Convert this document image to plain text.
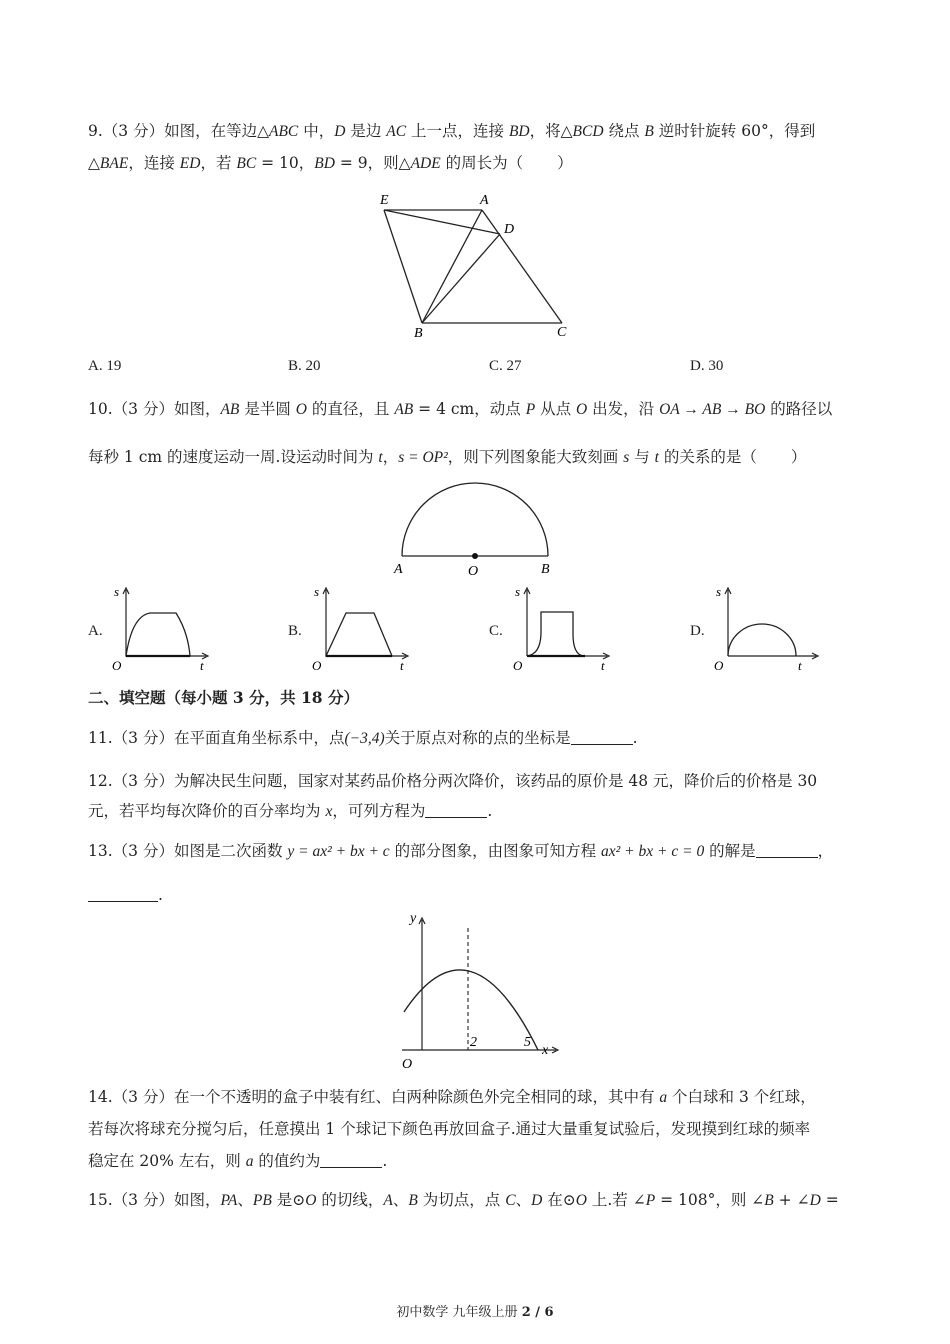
9.（3 分）如图，在等边△ABC 中，D 是边 AC 上一点，连接 BD，将△BCD 绕点 B 逆时针旋转 60°，得到
△BAE，连接 ED，若 BC = 10，BD = 9，则△ADE 的周长为（ ）
E	A
D
B	C
A. 19	B. 20	C. 27	D. 30
10.（3 分）如图，AB 是半圆 O 的直径，且 AB = 4 cm，动点 P 从点 O 出发，沿 OA → AB → BO 的路径以
每秒 1 cm 的速度运动一周.设运动时间为 t，s = OP²，则下列图象能大致刻画 s 与 t 的关系的是（ ）
A	O	B
A.
s
O	t
B.
s
O	t
C.
s
O	t
D.
s
O	t
二、填空题（每小题 3 分，共 18 分）
11.（3 分）在平面直角坐标系中，点(−3,4)关于原点对称的点的坐标是	.
12.（3 分）为解决民生问题，国家对某药品价格分两次降价，该药品的原价是 48 元，降价后的价格是 30
元，若平均每次降价的百分率均为 x，可列方程为	.
13.（3 分）如图是二次函数 y = ax² + bx + c 的部分图象，由图象可知方程 ax² + bx + c = 0 的解是	，
.
y
O
2	5
x
14.（3 分）在一个不透明的盒子中装有红、白两种除颜色外完全相同的球，其中有 a 个白球和 3 个红球，
若每次将球充分搅匀后，任意摸出 1 个球记下颜色再放回盒子.通过大量重复试验后，发现摸到红球的频率
稳定在 20% 左右，则 a 的值约为	.
15.（3 分）如图，PA、PB 是⊙O 的切线，A、B 为切点，点 C、D 在⊙O 上.若 ∠P = 108°，则 ∠B + ∠D =
初中数学 九年级上册 2 / 6
